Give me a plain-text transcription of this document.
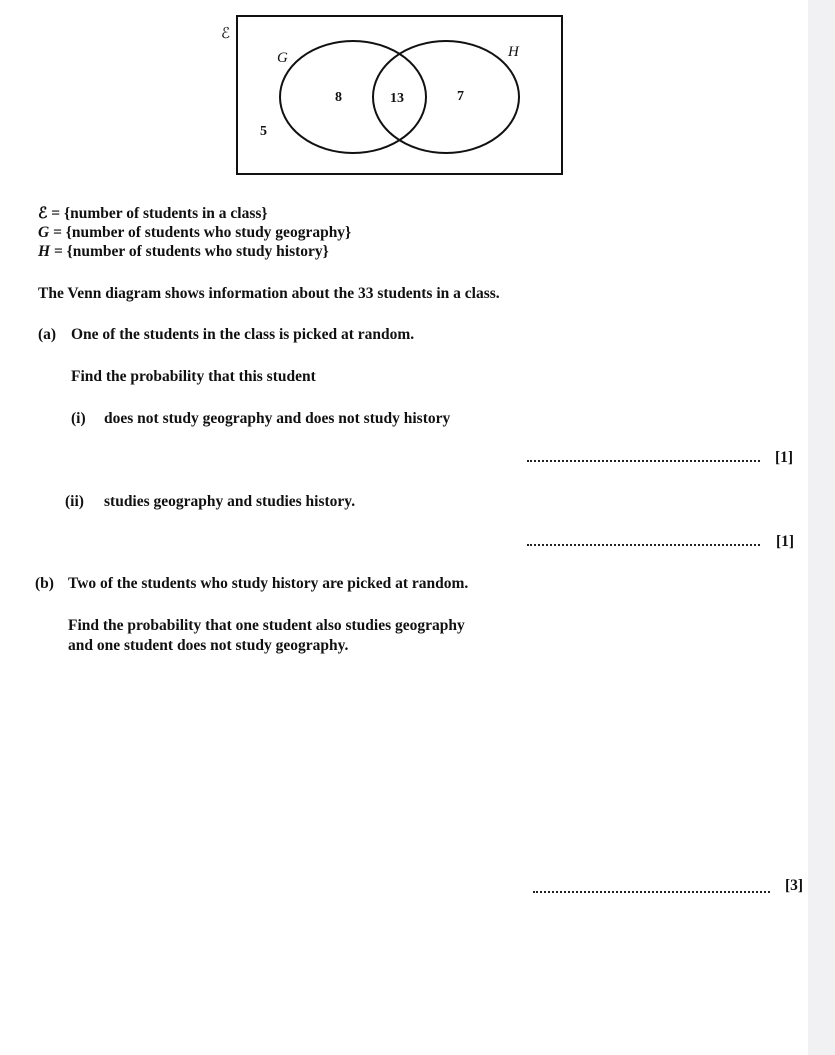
ℰ
G	H
8	13	7
5
ℰ = {number of students in a class}
G = {number of students who study geography}
H = {number of students who study history}
The Venn diagram shows information about the 33 students in a class.
(a) One of the students in the class is picked at random.
Find the probability that this student
(i) does not study geography and does not study history
[1]
(ii) studies geography and studies history.
[1]
(b) Two of the students who study history are picked at random.
Find the probability that one student also studies geography
and one student does not study geography.
[3]
